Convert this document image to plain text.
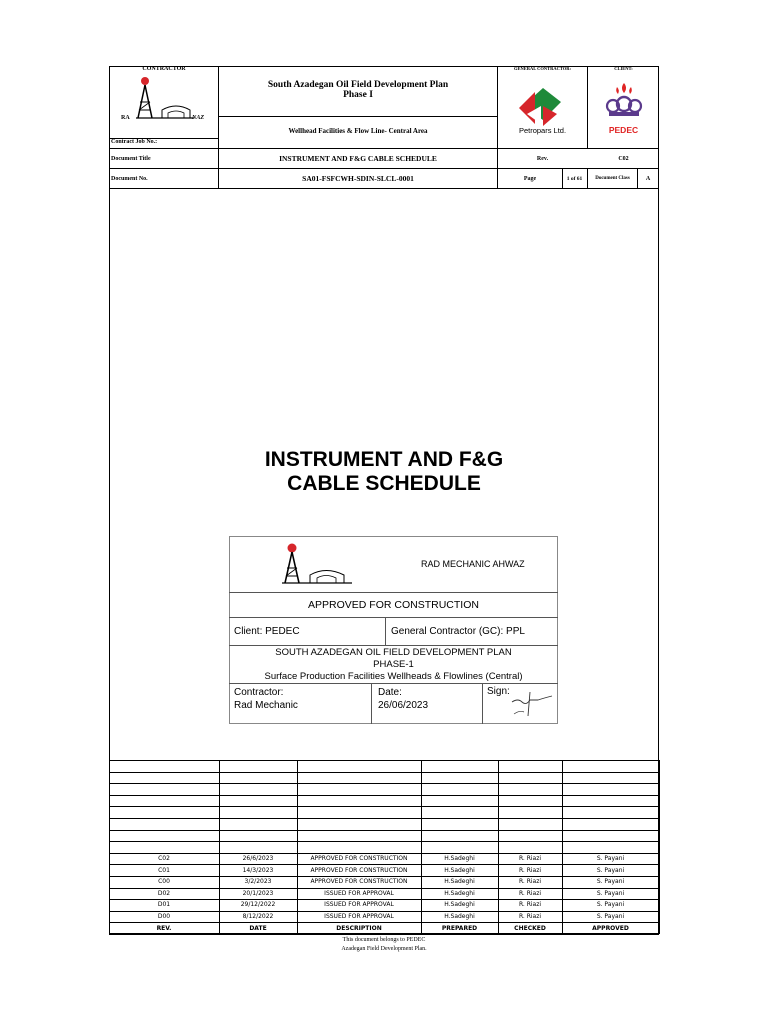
CONTRACTOR
RA	NAZ
Contract Job No.:
South Azadegan Oil Field Development Plan
Phase I
Wellhead Facilities & Flow Line- Central Area
GENERAL CONTRACTOR:
Petropars Ltd.
CLIENT:
PEDEC
Document Title	INSTRUMENT AND F&G CABLE SCHEDULE	Rev.	C02
Document No.	SA01-FSFCWH-SDIN-SLCL-0001	Page	1 of 61	Document Class	A
INSTRUMENT AND F&G
CABLE SCHEDULE
RAD MECHANIC AHWAZ
APPROVED FOR CONSTRUCTION
Client: PEDEC	General Contractor (GC): PPL
SOUTH AZADEGAN OIL FIELD DEVELOPMENT PLAN
PHASE-1
Surface Production Facilities Wellheads & Flowlines (Central)
Contractor:
Rad Mechanic
Date:
26/06/2023
Sign:
C02	26/6/2023	APPROVED FOR CONSTRUCTION	H.Sadeghi	R. Riazi	S. Payani
C01	14/3/2023	APPROVED FOR CONSTRUCTION	H.Sadeghi	R. Riazi	S. Payani
C00	3/2/2023	APPROVED FOR CONSTRUCTION	H.Sadeghi	R. Riazi	S. Payani
D02	20/1/2023	ISSUED FOR APPROVAL	H.Sadeghi	R. Riazi	S. Payani
D01	29/12/2022	ISSUED FOR APPROVAL	H.Sadeghi	R. Riazi	S. Payani
D00	8/12/2022	ISSUED FOR APPROVAL	H.Sadeghi	R. Riazi	S. Payani
REV.	DATE	DESCRIPTION	PREPARED	CHECKED	APPROVED
This document belongs to PEDEC
Azadegan Field Development Plan.
